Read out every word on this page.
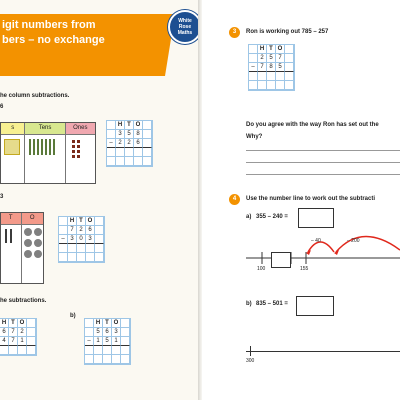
igit numbers from
bers – no exchange
White
Rose
Maths
he column subtractions.
6
s	Tens	Ones	H T O
3 5 8
– 2 2 6
3
T	O	H T O
7 2 6
– 3 0 3
he subtractions.
H T O
6 7 2
4 7 1
b)
H T O
5 6 3
– 1 5 1
3	Ron is working out 785 – 257
H T O
2 5 7
– 7 8 5
Do you agree with the way Ron has set out the
Why?
4	Use the number line to work out the subtracti
a) 355 – 240 =
– 40	– 200
100	155
b) 835 – 501 =
300
